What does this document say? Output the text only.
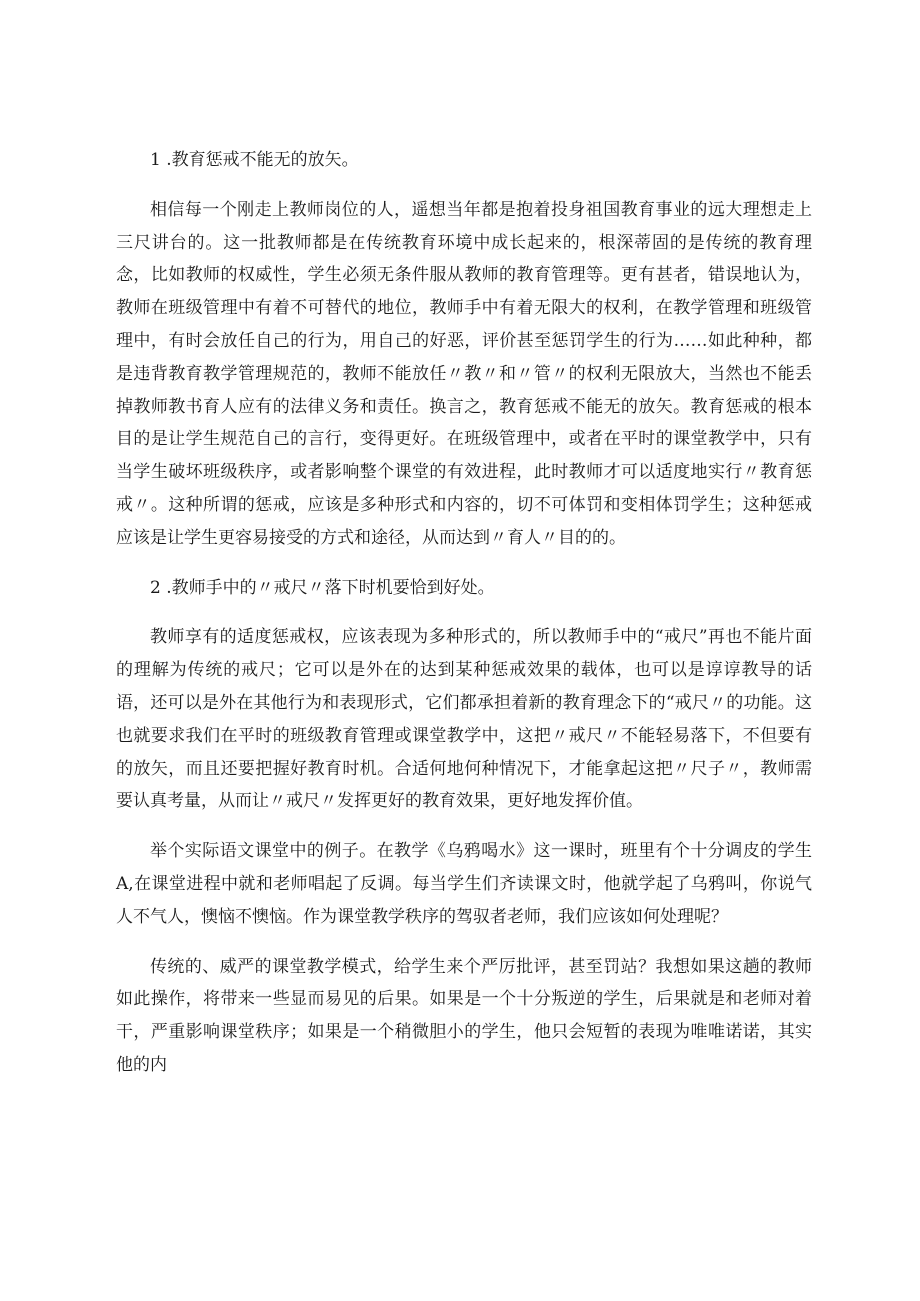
1 .教育惩戒不能无的放矢。

相信每一个刚走上教师岗位的人，遥想当年都是抱着投身祖国教育事业的远大理想走上三尺讲台的。这一批教师都是在传统教育环境中成长起来的，根深蒂固的是传统的教育理念，比如教师的权威性，学生必须无条件服从教师的教育管理等。更有甚者，错误地认为，教师在班级管理中有着不可替代的地位，教师手中有着无限大的权利，在教学管理和班级管理中，有时会放任自己的行为，用自己的好恶，评价甚至惩罚学生的行为……如此种种，都是违背教育教学管理规范的，教师不能放任〃教〃和〃管〃的权利无限放大，当然也不能丢掉教师教书育人应有的法律义务和责任。换言之，教育惩戒不能无的放矢。教育惩戒的根本目的是让学生规范自己的言行，变得更好。在班级管理中，或者在平时的课堂教学中，只有当学生破坏班级秩序，或者影响整个课堂的有效进程，此时教师才可以适度地实行〃教育惩戒〃。这种所谓的惩戒，应该是多种形式和内容的，切不可体罚和变相体罚学生；这种惩戒应该是让学生更容易接受的方式和途径，从而达到〃育人〃目的的。

2 .教师手中的〃戒尺〃落下时机要恰到好处。

教师享有的适度惩戒权，应该表现为多种形式的，所以教师手中的“戒尺”再也不能片面的理解为传统的戒尺；它可以是外在的达到某种惩戒效果的载体，也可以是谆谆教导的话语，还可以是外在其他行为和表现形式，它们都承担着新的教育理念下的“戒尺〃的功能。这也就要求我们在平时的班级教育管理或课堂教学中，这把〃戒尺〃不能轻易落下，不但要有的放矢，而且还要把握好教育时机。合适何地何种情况下，才能拿起这把〃尺子〃，教师需要认真考量，从而让〃戒尺〃发挥更好的教育效果，更好地发挥价值。

举个实际语文课堂中的例子。在教学《乌鸦喝水》这一课时，班里有个十分调皮的学生A,在课堂进程中就和老师唱起了反调。每当学生们齐读课文时，他就学起了乌鸦叫，你说气人不气人，懊恼不懊恼。作为课堂教学秩序的驾驭者老师，我们应该如何处理呢？

传统的、威严的课堂教学模式，给学生来个严厉批评，甚至罚站？我想如果这趟的教师如此操作，将带来一些显而易见的后果。如果是一个十分叛逆的学生，后果就是和老师对着干，严重影响课堂秩序；如果是一个稍微胆小的学生，他只会短暂的表现为唯唯诺诺，其实他的内
